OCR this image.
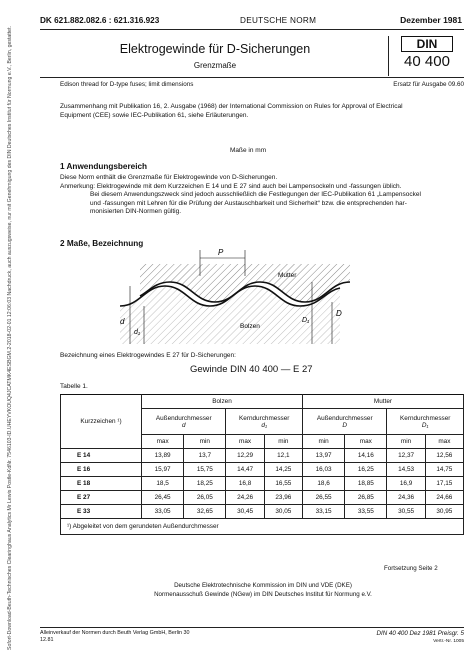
Sofort-Download-Beuth-Technisches Clearinghaus Analytics Mr Lewis Postle-KdNr. 7546103-ID.UHEYVKOUQ4JCATMK4ESBGM.2-2018-02-01 12:06:03 Nachdruck, auch auszugsweise, nur mit Genehmigung des DIN Deutsches Institut für Normung e.V., Berlin, gestattet.
DK 621.882.082.6 : 621.316.923	DEUTSCHE NORM	Dezember 1981
Elektrogewinde für D-Sicherungen
Grenzmaße
DIN
40 400
Edison thread for D-type fuses; limit dimensions	Ersatz für Ausgabe 09.60
Zusammenhang mit Publikation 16, 2. Ausgabe (1968) der International Commission on Rules for Approval of Electrical
Equipment (CEE) sowie IEC-Publikation 61, siehe Erläuterungen.
Maße in mm
1 Anwendungsbereich
Diese Norm enthält die Grenzmaße für Elektrogewinde von D-Sicherungen.
Anmerkung: Elektrogewinde mit dem Kurzzeichen E 14 und E 27 sind auch bei Lampensockeln und -fassungen üblich.
Bei diesem Anwendungszweck sind jedoch ausschließlich die Festlegungen der IEC-Publikation 61 „Lampensockel
und -fassungen mit Lehren für die Prüfung der Austauschbarkeit und Sicherheit“ bzw. die entsprechenden har-
monisierten DIN-Normen gültig.
2 Maße, Bezeichnung
P
Mutter
Bolzen
d
d₁
D₁
D
Bezeichnung eines Elektrogewindes E 27 für D-Sicherungen:
Gewinde DIN 40 400 — E 27
Tabelle 1.
Kurzzeichen ¹)	Bolzen				Mutter			
	Außendurchmesser
d		Kerndurchmesser
d₁		Außendurchmesser
D		Kerndurchmesser
D₁	
	max	min	max	min	min	max	min	max
E 14	13,89	13,7	12,29	12,1	13,97	14,16	12,37	12,56
E 16	15,97	15,75	14,47	14,25	16,03	16,25	14,53	14,75
E 18	18,5	18,25	16,8	16,55	18,6	18,85	16,9	17,15
E 27	26,45	26,05	24,26	23,96	26,55	26,85	24,36	24,66
E 33	33,05	32,65	30,45	30,05	33,15	33,55	30,55	30,95
¹) Abgeleitet von dem gerundeten Außendurchmesser								
Fortsetzung Seite 2
Deutsche Elektrotechnische Kommission im DIN und VDE (DKE)
Normenausschuß Gewinde (NGew) im DIN Deutsches Institut für Normung e.V.
Alleinverkauf der Normen durch Beuth Verlag GmbH, Berlin 30
12.81
DIN 40 400 Dez 1981 Preisgr. 5
Vertr.-Nr. 1005
